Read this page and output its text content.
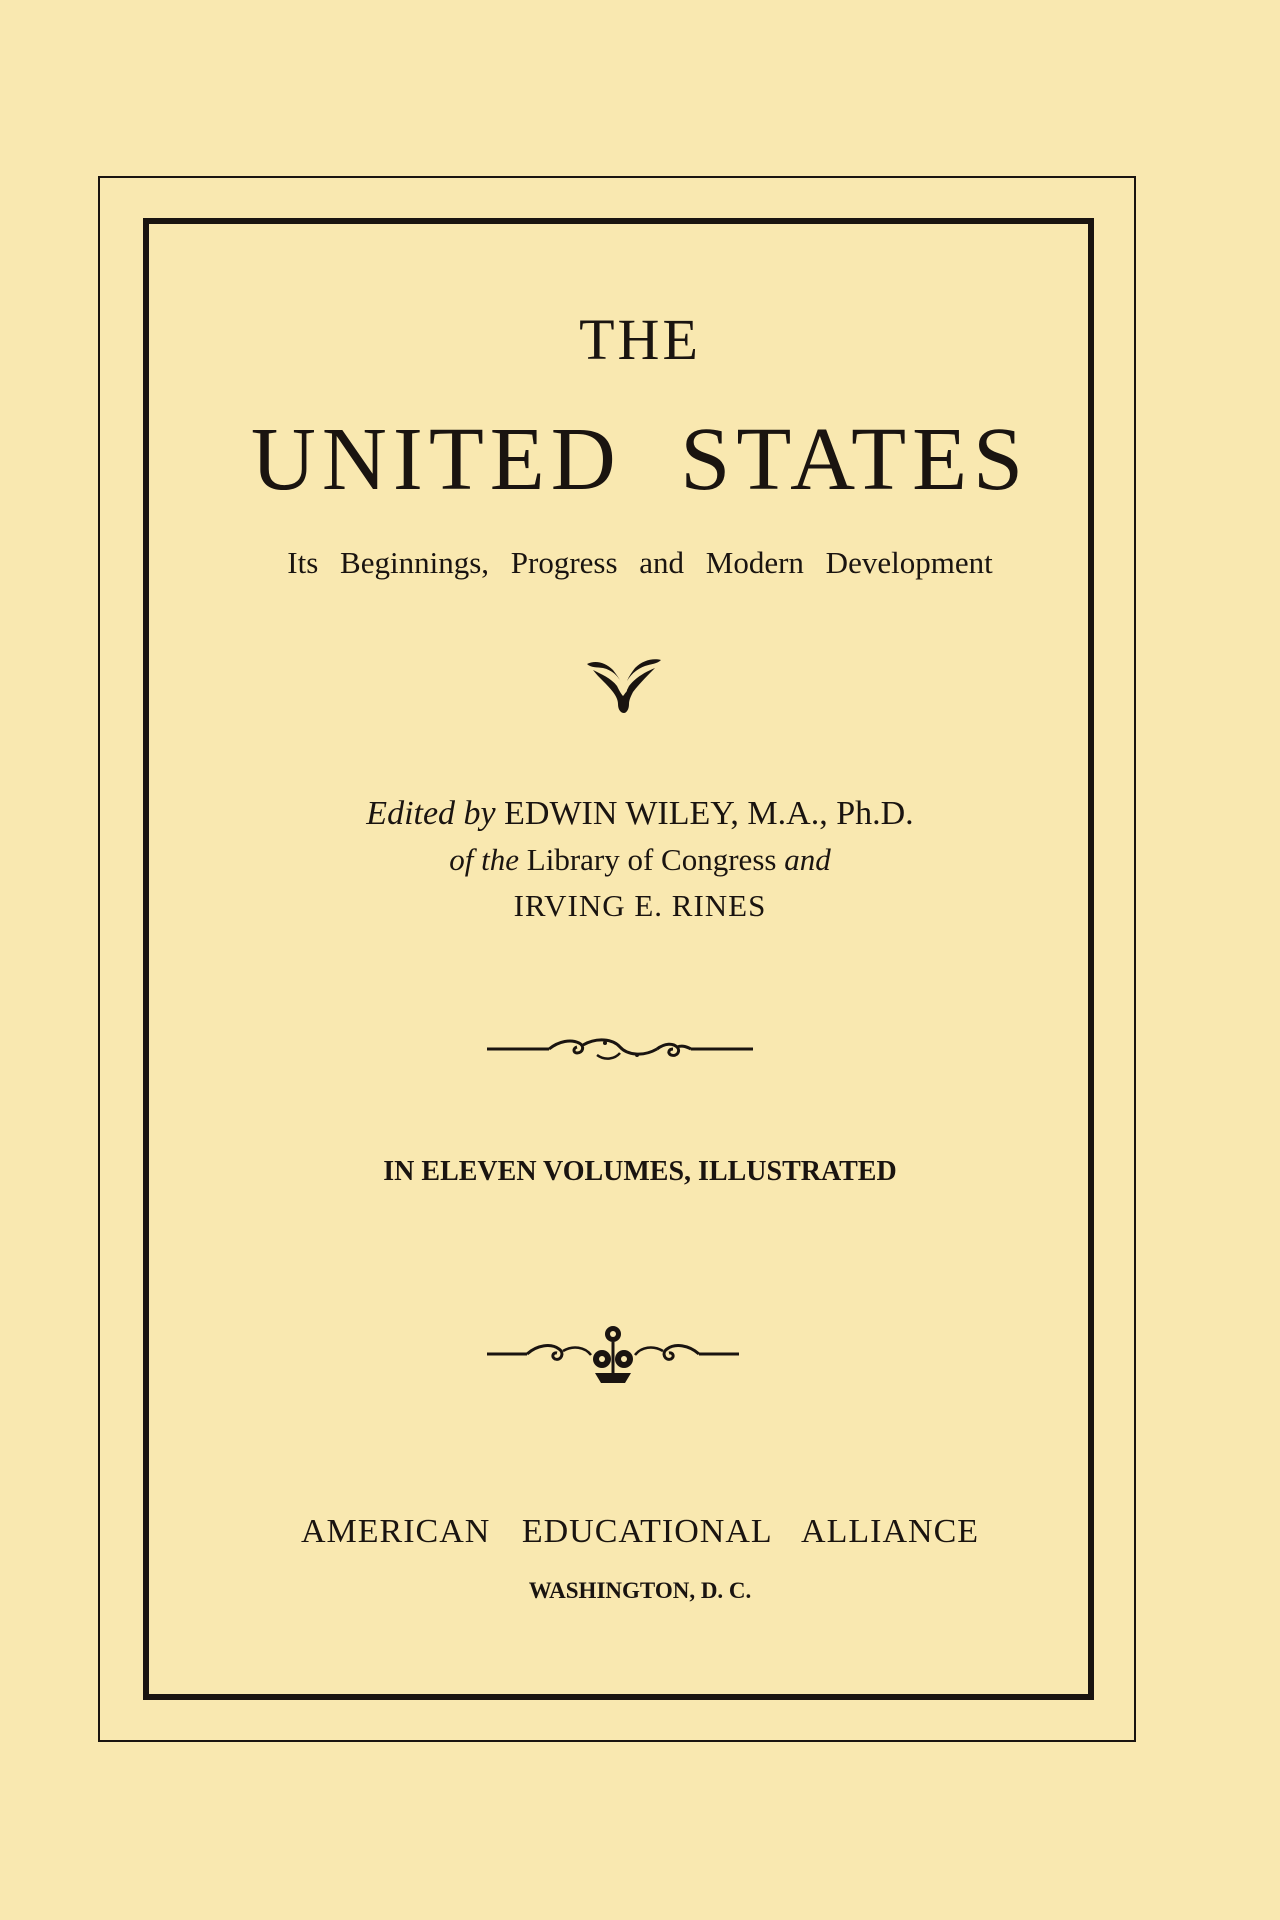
THE
UNITED STATES
Its Beginnings, Progress and Modern Development
Edited by EDWIN WILEY, M.A., Ph.D.
of the Library of Congress and
IRVING E. RINES
IN ELEVEN VOLUMES, ILLUSTRATED
AMERICAN EDUCATIONAL ALLIANCE
WASHINGTON, D. C.
